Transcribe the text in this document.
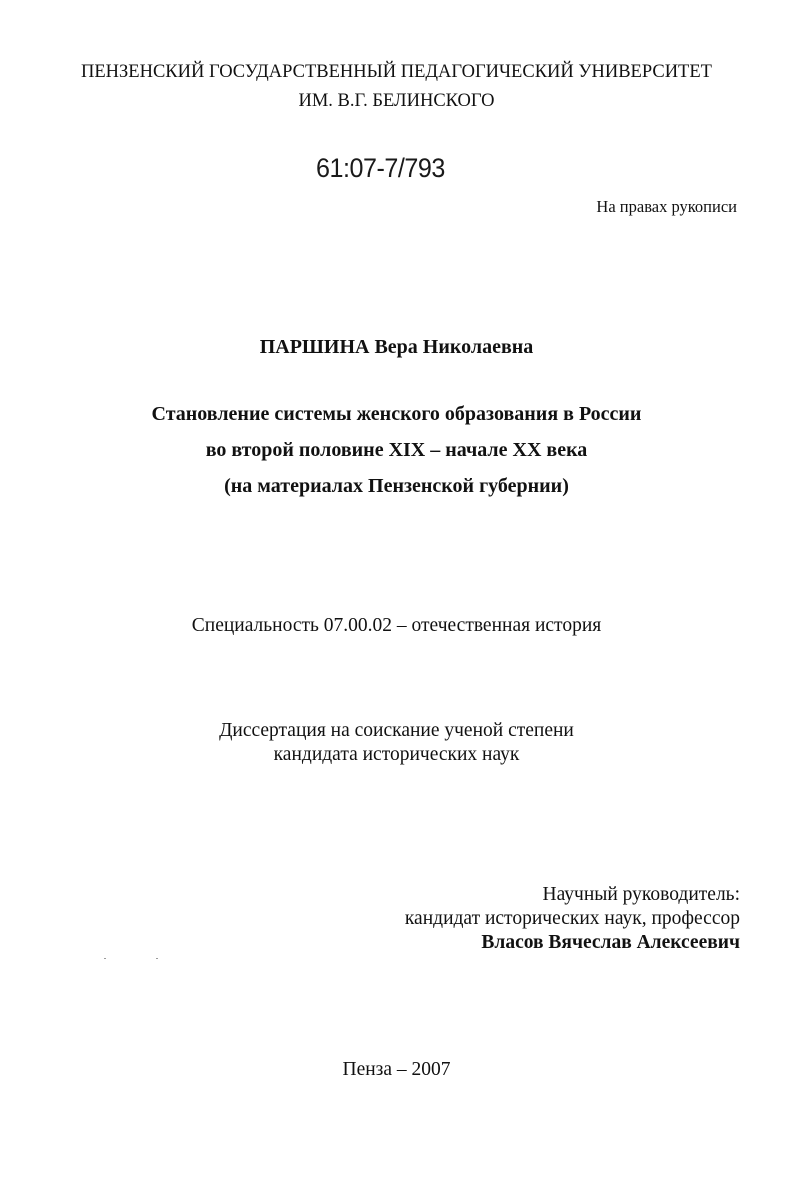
ПЕНЗЕНСКИЙ ГОСУДАРСТВЕННЫЙ ПЕДАГОГИЧЕСКИЙ УНИВЕРСИТЕТ
ИМ. В.Г. БЕЛИНСКОГО
61:07-7/793
На правах рукописи
ПАРШИНА Вера Николаевна
Становление системы женского образования в России
во второй половине XIX – начале XX века
(на материалах Пензенской губернии)
Специальность 07.00.02 – отечественная история
Диссертация на соискание ученой степени
кандидата исторических наук
Научный руководитель:
кандидат исторических наук, профессор
Власов Вячеслав Алексеевич
Пенза – 2007
